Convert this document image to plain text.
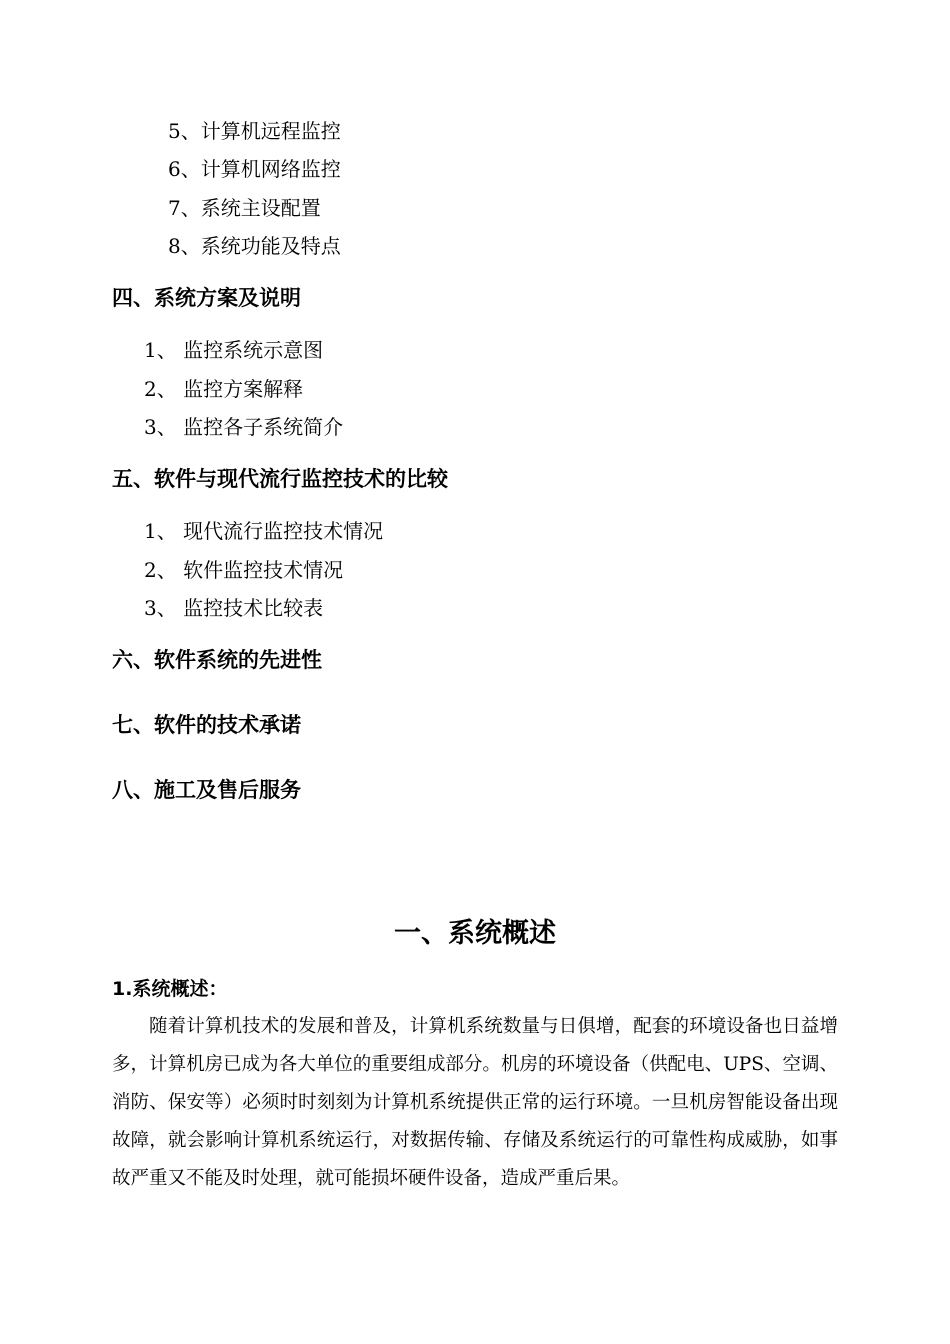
5、计算机远程监控
6、计算机网络监控
7、系统主设配置
8、系统功能及特点
四、系统方案及说明
1、 监控系统示意图
2、 监控方案解释
3、 监控各子系统简介
五、软件与现代流行监控技术的比较
1、 现代流行监控技术情况
2、 软件监控技术情况
3、 监控技术比较表
六、软件系统的先进性
七、软件的技术承诺
八、施工及售后服务
一、系统概述
1.系统概述：
随着计算机技术的发展和普及，计算机系统数量与日俱增，配套的环境设备也日益增多，计算机房已成为各大单位的重要组成部分。机房的环境设备（供配电、UPS、空调、消防、保安等）必须时时刻刻为计算机系统提供正常的运行环境。一旦机房智能设备出现故障，就会影响计算机系统运行，对数据传输、存储及系统运行的可靠性构成威胁，如事故严重又不能及时处理，就可能损坏硬件设备，造成严重后果。
